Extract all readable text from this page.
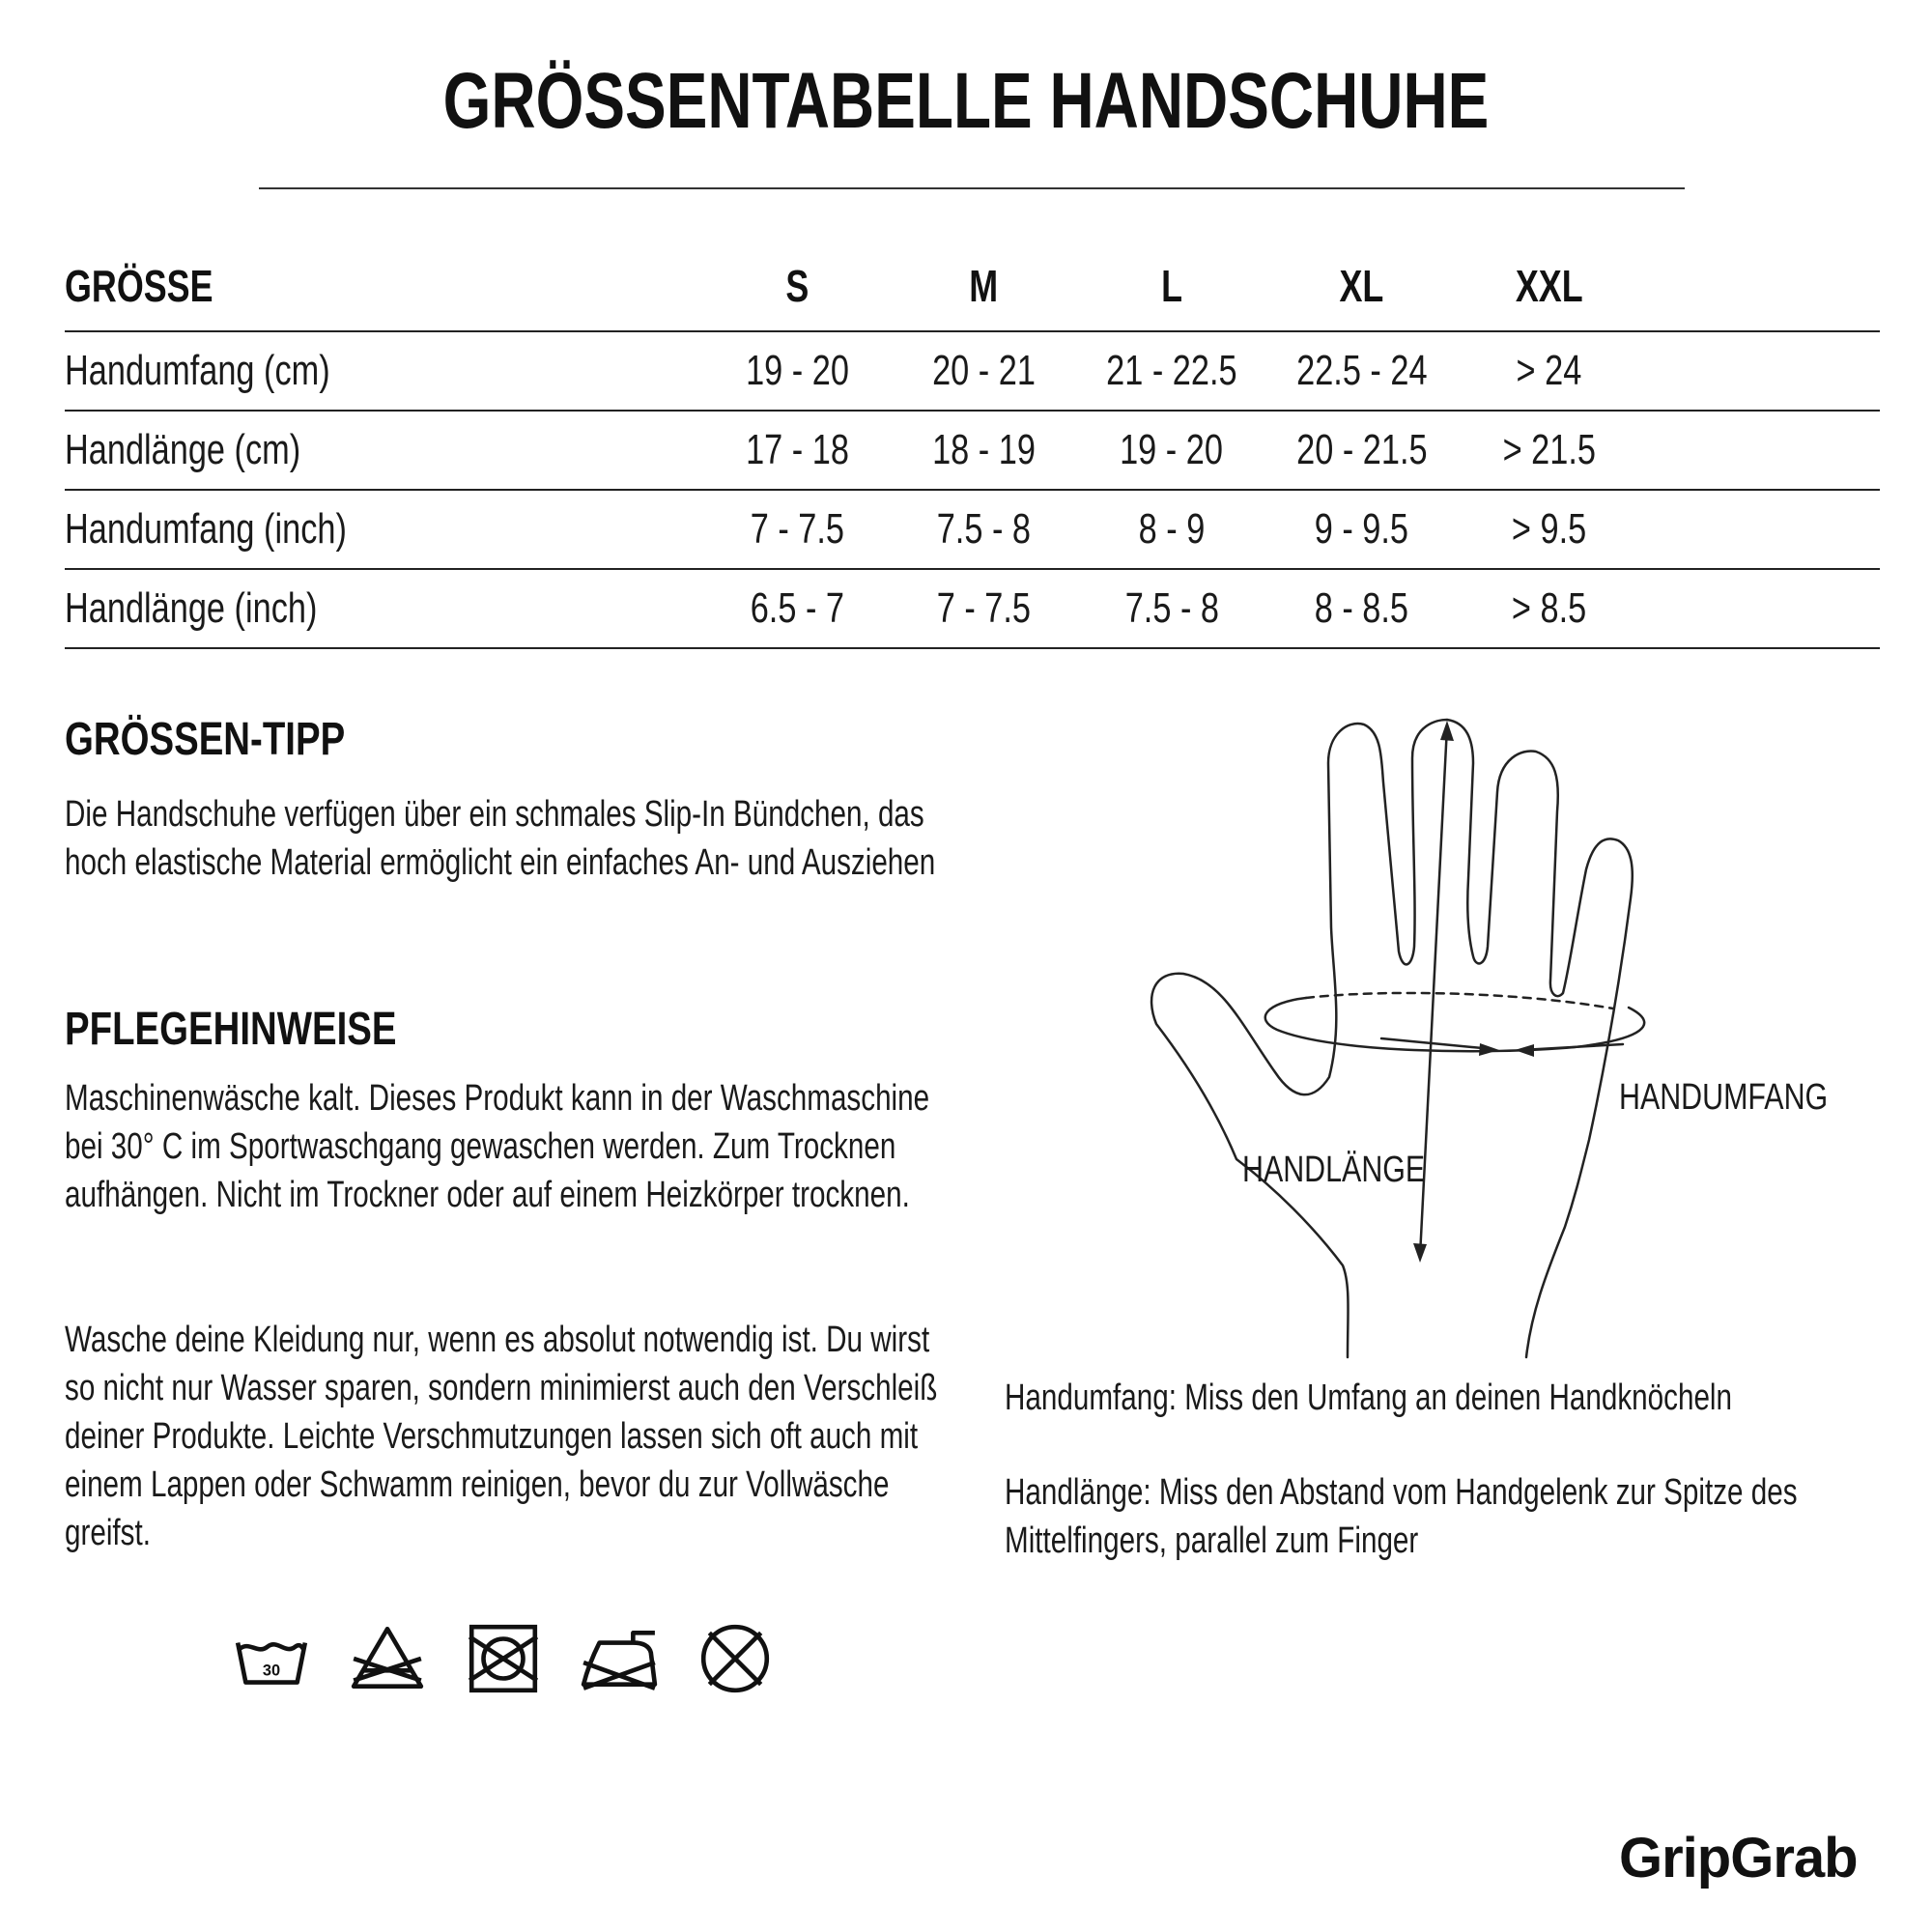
GRÖSSENTABELLE HANDSCHUHE
GRÖSSE	S	M	L	XL	XXL	
Handumfang (cm)	19 - 20	20 - 21	21 - 22.5	22.5 - 24	> 24	
Handlänge (cm)	17 - 18	18 - 19	19 - 20	20 - 21.5	> 21.5	
Handumfang (inch)	7 - 7.5	7.5 - 8	8 - 9	9 - 9.5	> 9.5	
Handlänge (inch)	6.5 - 7	7 - 7.5	7.5 - 8	8 - 8.5	> 8.5	
GRÖSSEN-TIPP

Die Handschuhe verfügen über ein schmales Slip-In Bündchen, das hoch elastische Material ermöglicht ein einfaches An- und Ausziehen

PFLEGEHINWEISE

Maschinenwäsche kalt. Dieses Produkt kann in der Waschmaschine bei 30° C im Sportwaschgang gewaschen werden. Zum Trocknen aufhängen. Nicht im Trockner oder auf einem Heizkörper trocknen.

Wasche deine Kleidung nur, wenn es absolut notwendig ist. Du wirst so nicht nur Wasser sparen, sondern minimierst auch den Verschleiß deiner Produkte. Leichte Verschmutzungen lassen sich oft auch mit einem Lappen oder Schwamm reinigen, bevor du zur Vollwäsche greifst.

HANDUMFANG
HANDLÄNGE

Handumfang: Miss den Umfang an deinen Handknöcheln

Handlänge: Miss den Abstand vom Handgelenk zur Spitze des Mittelfingers, parallel zum Finger

30
GripGrab
